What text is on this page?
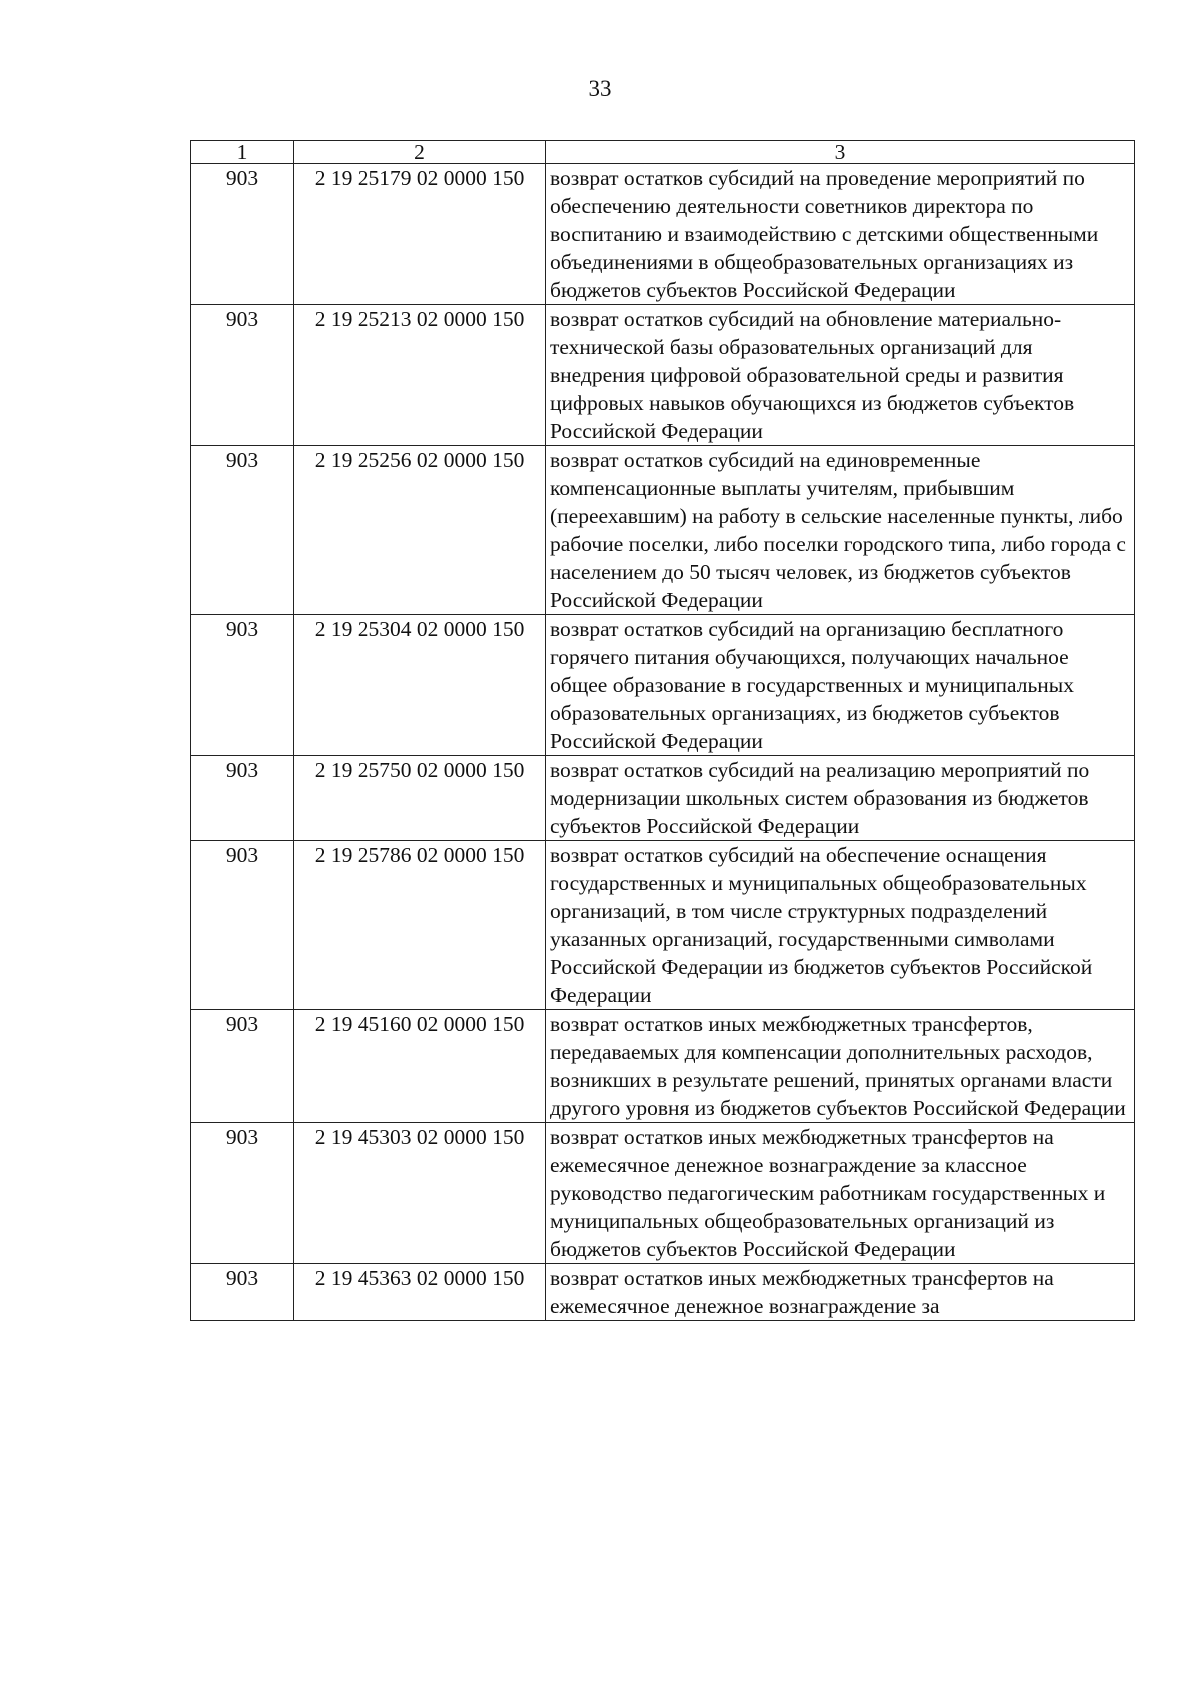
33
1	2	3
903	2 19 25179 02 0000 150	возврат остатков субсидий на проведение мероприятий по обеспечению деятельности советников директора по воспитанию и взаимодействию с детскими общественными объединениями в общеобразовательных организациях из бюджетов субъектов Российской Федерации
903	2 19 25213 02 0000 150	возврат остатков субсидий на обновление материально-технической базы образовательных организаций для внедрения цифровой образовательной среды и развития цифровых навыков обучающихся из бюджетов субъектов Российской Федерации
903	2 19 25256 02 0000 150	возврат остатков субсидий на единовременные компенсационные выплаты учителям, прибывшим (переехавшим) на работу в сельские населенные пункты, либо рабочие поселки, либо поселки городского типа, либо города с населением до 50 тысяч человек, из бюджетов субъектов Российской Федерации
903	2 19 25304 02 0000 150	возврат остатков субсидий на организацию бесплатного горячего питания обучающихся, получающих начальное общее образование в государственных и муниципальных образовательных организациях, из бюджетов субъектов Российской Федерации
903	2 19 25750 02 0000 150	возврат остатков субсидий на реализацию мероприятий по модернизации школьных систем образования из бюджетов субъектов Российской Федерации
903	2 19 25786 02 0000 150	возврат остатков субсидий на обеспечение оснащения государственных и муниципальных общеобразовательных организаций, в том числе структурных подразделений указанных организаций, государственными символами Российской Федерации из бюджетов субъектов Российской Федерации
903	2 19 45160 02 0000 150	возврат остатков иных межбюджетных трансфертов, передаваемых для компенсации дополнительных расходов, возникших в результате решений, принятых органами власти другого уровня из бюджетов субъектов Российской Федерации
903	2 19 45303 02 0000 150	возврат остатков иных межбюджетных трансфертов на ежемесячное денежное вознаграждение за классное руководство педагогическим работникам государственных и муниципальных общеобразовательных организаций из бюджетов субъектов Российской Федерации
903	2 19 45363 02 0000 150	возврат остатков иных межбюджетных трансфертов на ежемесячное денежное вознаграждение за
